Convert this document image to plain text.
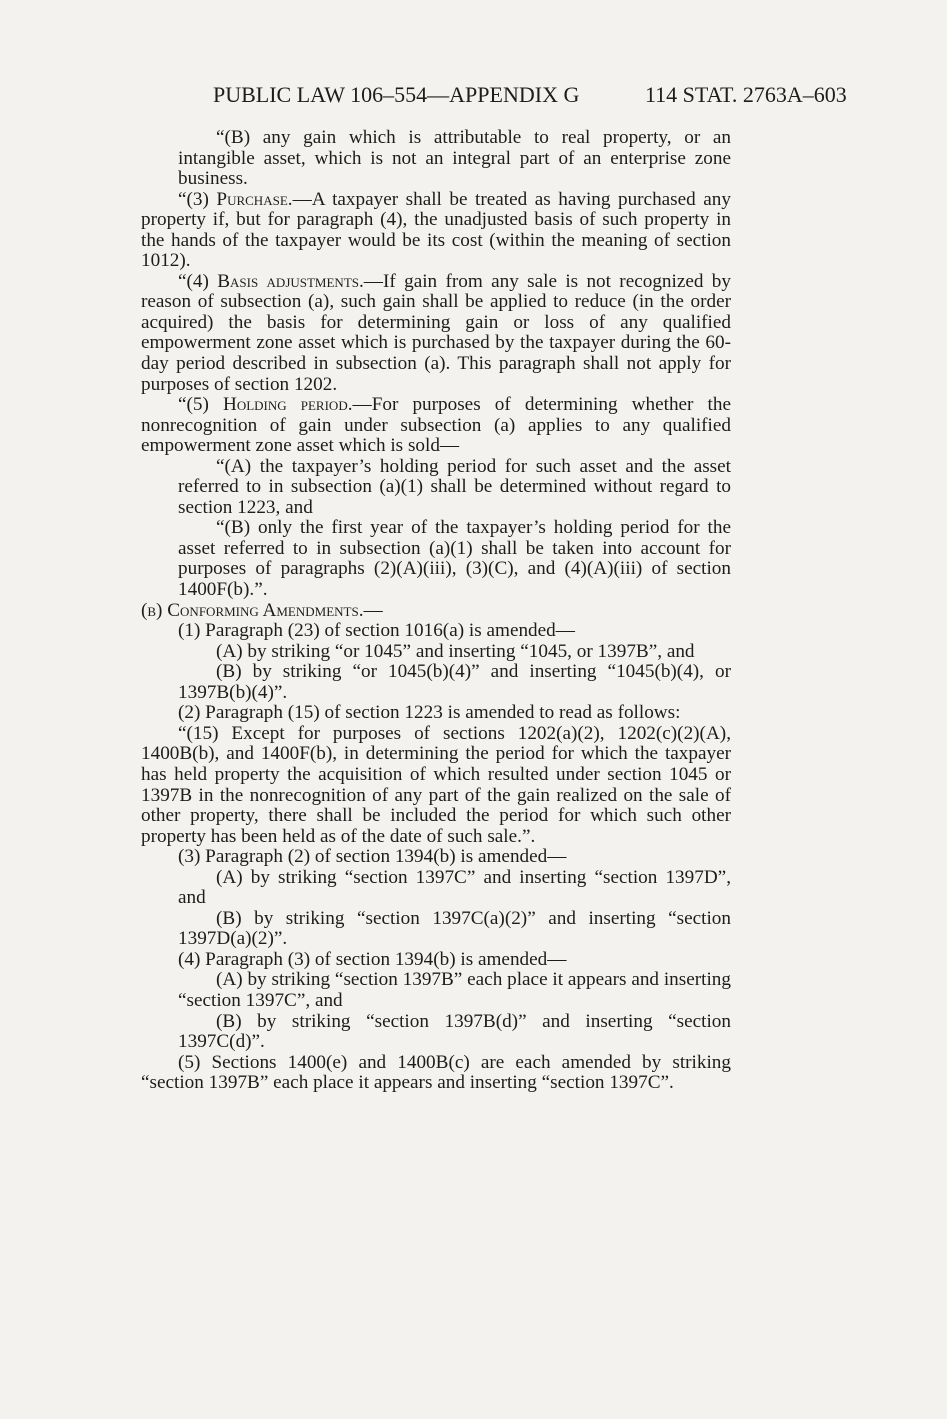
PUBLIC LAW 106–554—APPENDIX G	114 STAT. 2763A–603

“(B) any gain which is attributable to real property, or an intangible asset, which is not an integral part of an enterprise zone business.

“(3) Purchase.—A taxpayer shall be treated as having purchased any property if, but for paragraph (4), the unadjusted basis of such property in the hands of the taxpayer would be its cost (within the meaning of section 1012).

“(4) Basis adjustments.—If gain from any sale is not recognized by reason of subsection (a), such gain shall be applied to reduce (in the order acquired) the basis for determining gain or loss of any qualified empowerment zone asset which is purchased by the taxpayer during the 60-day period described in subsection (a). This paragraph shall not apply for purposes of section 1202.

“(5) Holding period.—For purposes of determining whether the nonrecognition of gain under subsection (a) applies to any qualified empowerment zone asset which is sold—

“(A) the taxpayer’s holding period for such asset and the asset referred to in subsection (a)(1) shall be determined without regard to section 1223, and

“(B) only the first year of the taxpayer’s holding period for the asset referred to in subsection (a)(1) shall be taken into account for purposes of paragraphs (2)(A)(iii), (3)(C), and (4)(A)(iii) of section 1400F(b).”.

(b) Conforming Amendments.—

(1) Paragraph (23) of section 1016(a) is amended—

(A) by striking “or 1045” and inserting “1045, or 1397B”, and

(B) by striking “or 1045(b)(4)” and inserting “1045(b)(4), or 1397B(b)(4)”.

(2) Paragraph (15) of section 1223 is amended to read as follows:

“(15) Except for purposes of sections 1202(a)(2), 1202(c)(2)(A), 1400B(b), and 1400F(b), in determining the period for which the taxpayer has held property the acquisition of which resulted under section 1045 or 1397B in the nonrecognition of any part of the gain realized on the sale of other property, there shall be included the period for which such other property has been held as of the date of such sale.”.

(3) Paragraph (2) of section 1394(b) is amended—

(A) by striking “section 1397C” and inserting “section 1397D”, and

(B) by striking “section 1397C(a)(2)” and inserting “section 1397D(a)(2)”.

(4) Paragraph (3) of section 1394(b) is amended—

(A) by striking “section 1397B” each place it appears and inserting “section 1397C”, and

(B) by striking “section 1397B(d)” and inserting “section 1397C(d)”.

(5) Sections 1400(e) and 1400B(c) are each amended by striking “section 1397B” each place it appears and inserting “section 1397C”.
